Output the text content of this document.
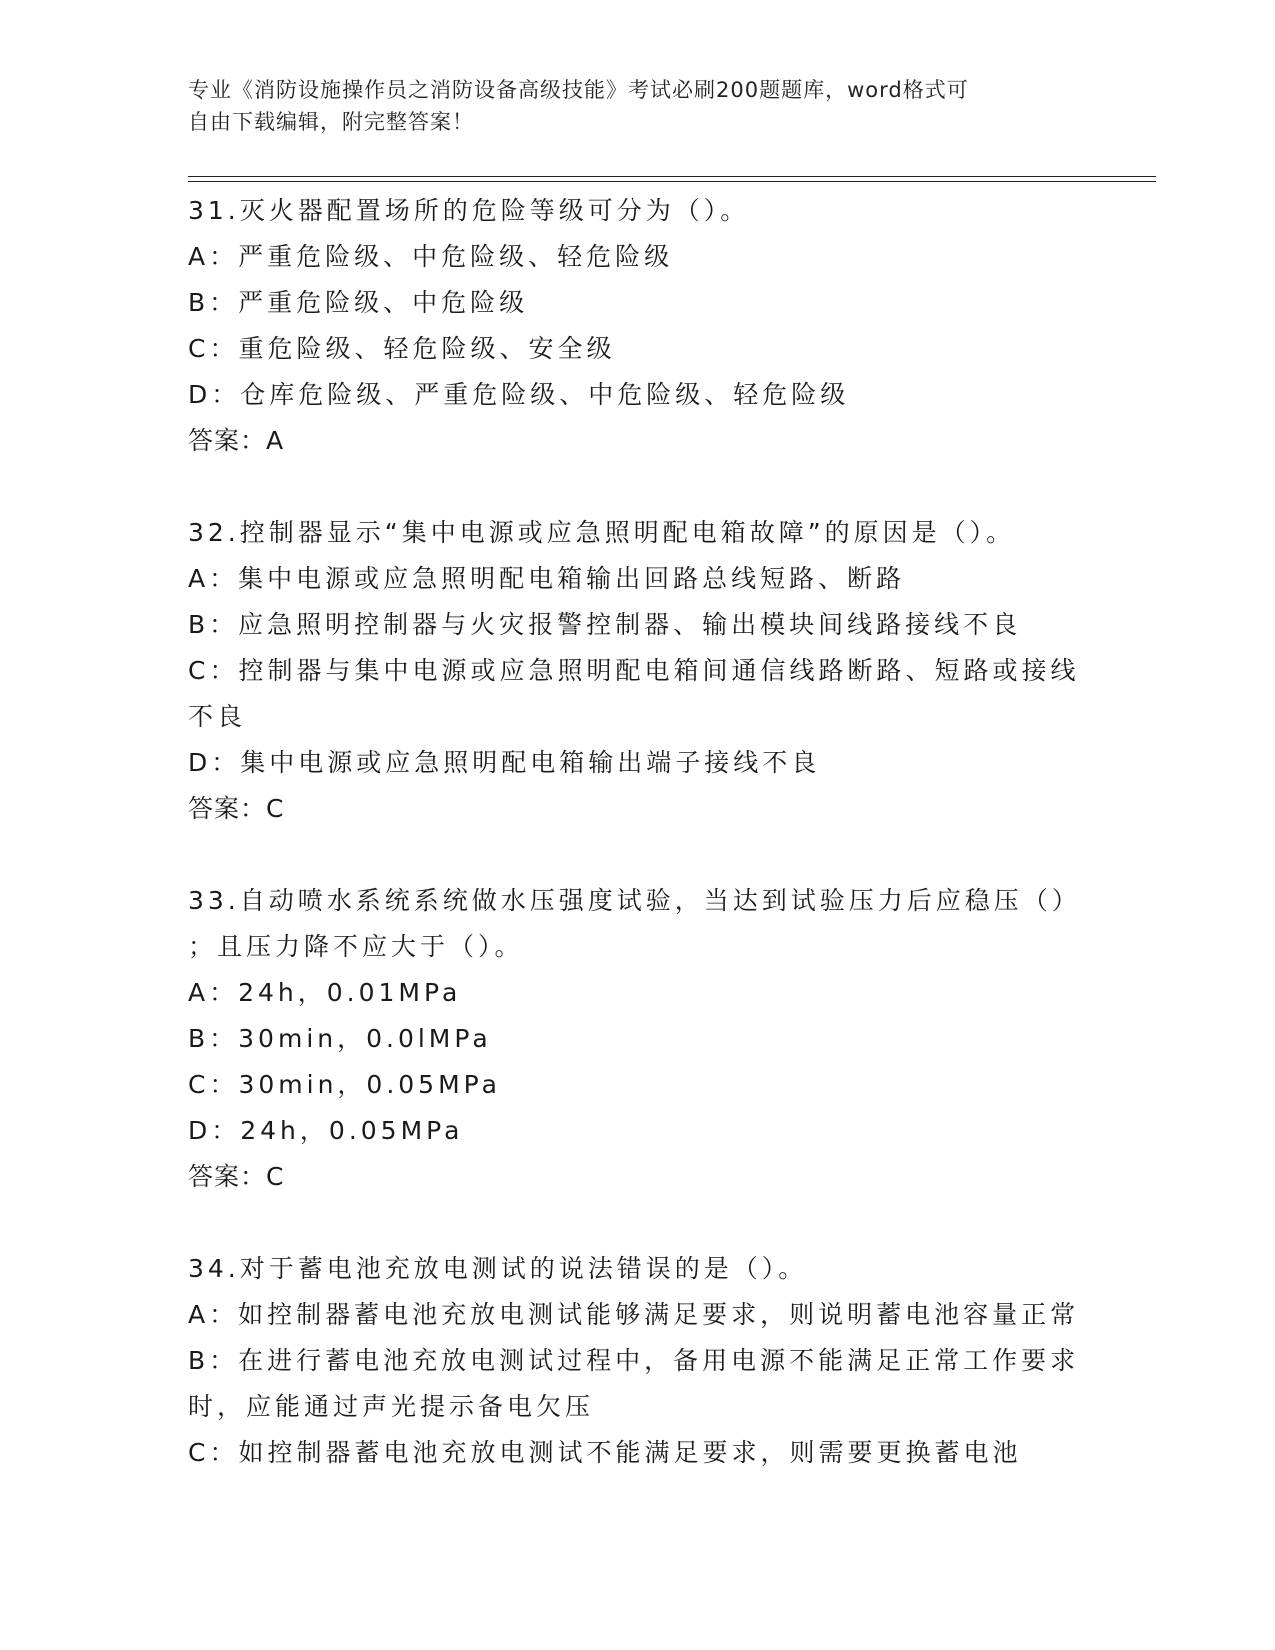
专业《消防设施操作员之消防设备高级技能》考试必刷200题题库，word格式可
自由下载编辑，附完整答案！
31.灭火器配置场所的危险等级可分为（）。
A：严重危险级、中危险级、轻危险级
B：严重危险级、中危险级
C：重危险级、轻危险级、安全级
D：仓库危险级、严重危险级、中危险级、轻危险级
答案：A
32.控制器显示“集中电源或应急照明配电箱故障”的原因是（）。
A：集中电源或应急照明配电箱输出回路总线短路、断路
B：应急照明控制器与火灾报警控制器、输出模块间线路接线不良
C：控制器与集中电源或应急照明配电箱间通信线路断路、短路或接线
不良
D：集中电源或应急照明配电箱输出端子接线不良
答案：C
33.自动喷水系统系统做水压强度试验，当达到试验压力后应稳压（）
；且压力降不应大于（）。
A：24h，0.01MPa
B：30min，0.0lMPa
C：30min，0.05MPa
D：24h，0.05MPa
答案：C
34.对于蓄电池充放电测试的说法错误的是（）。
A：如控制器蓄电池充放电测试能够满足要求，则说明蓄电池容量正常
B：在进行蓄电池充放电测试过程中，备用电源不能满足正常工作要求
时，应能通过声光提示备电欠压
C：如控制器蓄电池充放电测试不能满足要求，则需要更换蓄电池
